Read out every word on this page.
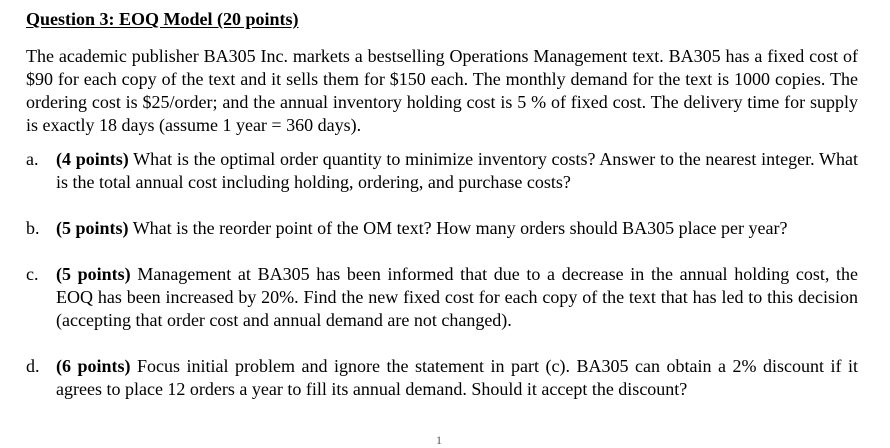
Question 3: EOQ Model (20 points)

The academic publisher BA305 Inc. markets a bestselling Operations Management text. BA305 has a fixed cost of $90 for each copy of the text and it sells them for $150 each. The monthly demand for the text is 1000 copies. The ordering cost is $25/order; and the annual inventory holding cost is 5 % of fixed cost. The delivery time for supply is exactly 18 days (assume 1 year = 360 days).

a. (4 points) What is the optimal order quantity to minimize inventory costs? Answer to the nearest integer. What is the total annual cost including holding, ordering, and purchase costs?
b. (5 points) What is the reorder point of the OM text? How many orders should BA305 place per year?
c. (5 points) Management at BA305 has been informed that due to a decrease in the annual holding cost, the EOQ has been increased by 20%. Find the new fixed cost for each copy of the text that has led to this decision (accepting that order cost and annual demand are not changed).
d. (6 points) Focus initial problem and ignore the statement in part (c). BA305 can obtain a 2% discount if it agrees to place 12 orders a year to fill its annual demand. Should it accept the discount?
1
